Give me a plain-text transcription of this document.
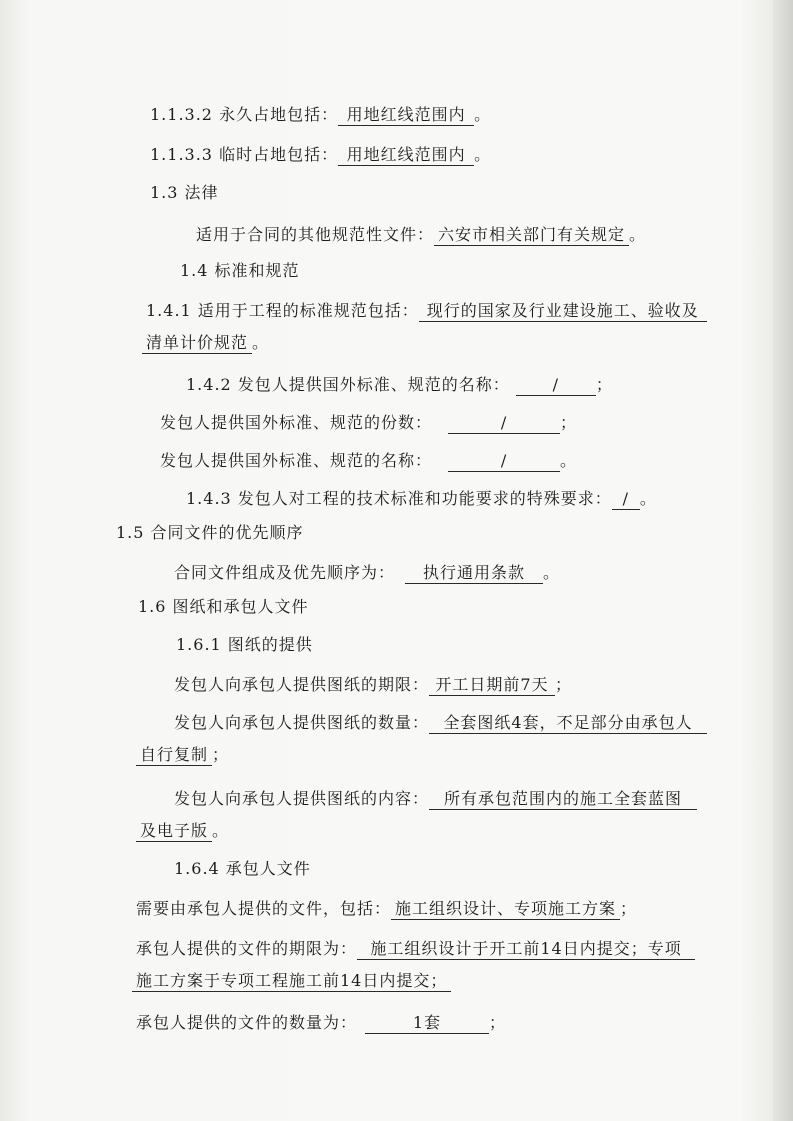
1.1.3.2 永久占地包括： 用地红线范围内 。
1.1.3.3 临时占地包括： 用地红线范围内 。
1.3 法律
适用于合同的其他规范性文件： 六安市相关部门有关规定 。
1.4 标准和规范
1.4.1 适用于工程的标准规范包括： 现行的国家及行业建设施工、验收及
清单计价规范 。
1.4.2 发包人提供国外标准、规范的名称：	/ ；
发包人提供国外标准、规范的份数：	/	；
发包人提供国外标准、规范的名称：	/	。
1.4.3 发包人对工程的技术标准和功能要求的特殊要求： / 。
1.5 合同文件的优先顺序
合同文件组成及优先顺序为： 执行通用条款 。
1.6 图纸和承包人文件
1.6.1 图纸的提供
发包人向承包人提供图纸的期限： 开工日期前7天 ；
发包人向承包人提供图纸的数量： 全套图纸4套，不足部分由承包人
自行复制 ；
发包人向承包人提供图纸的内容： 所有承包范围内的施工全套蓝图
及电子版 。
1.6.4 承包人文件
需要由承包人提供的文件，包括： 施工组织设计、专项施工方案 ；
承包人提供的文件的期限为： 施工组织设计于开工前14日内提交；专项
施工方案于专项工程施工前14日内提交；
承包人提供的文件的数量为：	1套	；
